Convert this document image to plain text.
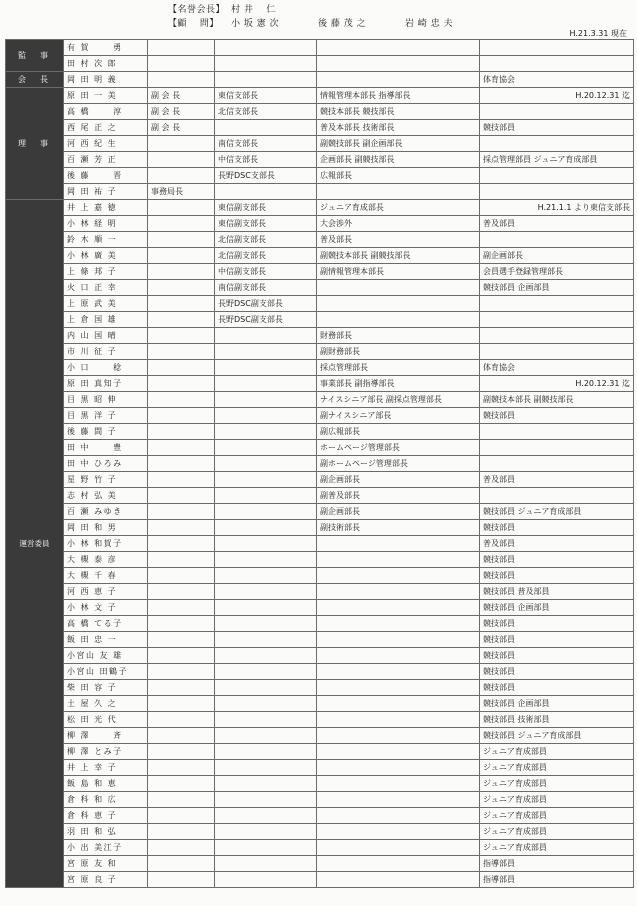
【名誉会長】 村 井　 仁
【顧　 問】 小 坂 憲 次	後 藤 茂 之	岩 崎 忠 夫
H.21.3.31 現在
監　事	有 賀　　 勇				
	田 村 次 郎				
会　長	岡 田 明 義				体育協会
理　事	原 田 一 美	副 会 長	東信支部長	情報管理本部長 指導部長	H.20.12.31 迄
	高 橋　　 淳	副 会 長	北信支部長	競技本部長 競技部長	
	西 尾 正 之	副 会 長		普及本部長 技術部長	競技部員
	河 西 紀 生		南信支部長	副競技部長 副企画部長	
	百 瀬 芳 正		中信支部長	企画部長 副競技部長	採点管理部員 ジュニア育成部員
	後 藤　　 晋		長野DSC支部長	広報部長	
	岡 田 祐 子	事務局長			
運営委員	井 上 嘉 徳		東信副支部長	ジュニア育成部長	H.21.1.1 より東信支部長
	小 林 経 明		東信副支部長	大会渉外	普及部員
	鈴 木 順 一		北信副支部長	普及部長	
	小 林 廣 美		北信副支部長	副競技本部長 副競技部長	副企画部長
	上 條 邦 子		中信副支部長	副情報管理本部長	会員選手登録管理部長
	火 口 正 幸		南信副支部長		競技部員 企画部員
	上 原 武 美		長野DSC副支部長		
	上 倉 国 雄		長野DSC副支部長		
	内 山 国 晴			財務部長	
	市 川 征 子			副財務部長	
	小 口　　 稔			採点管理部長	体育協会
	原 田 真知子			事業部長 副指導部長	H.20.12.31 迄
	目 黒 昭 伸			ナイスシニア部長 副採点管理部長	副競技本部長 副競技部長
	目 黒 洋 子			副ナイスシニア部長	競技部員
	後 藤 間 子			副広報部長	
	田 中　　 豊			ホームページ管理部長	
	田 中 ひろみ			副ホームページ管理部長	
	星 野 竹 子			副企画部長	普及部員
	志 村 弘 美			副普及部長	
	百 瀬 みゆき			副企画部長	競技部員 ジュニア育成部員
	岡 田 和 男			副技術部長	競技部員
	小 林 和賀子				普及部員
	大 槻 泰 彦				競技部員
	大 槻 千 春				競技部員
	河 西 恵 子				競技部員 普及部員
	小 林 文 子				競技部員 企画部員
	高 橋 てる子				競技部員
	飯 田 忠 一				競技部員
	小宮山 友 雄				競技部員
	小宮山 田鶴子				競技部員
	柴 田 容 子				競技部員
	土 屋 久 之				競技部員 企画部員
	松 田 光 代				競技部員 技術部員
	柳 澤　　 斉				競技部員 ジュニア育成部員
	柳 澤 とみ子				ジュニア育成部員
	井 上 幸 子				ジュニア育成部員
	飯 島 和 恵				ジュニア育成部員
	倉 科 和 広				ジュニア育成部員
	倉 科 恵 子				ジュニア育成部員
	羽 田 和 弘				ジュニア育成部員
	小 出 美江子				ジュニア育成部員
	宮 原 友 和				指導部員
	宮 原 良 子				指導部員
